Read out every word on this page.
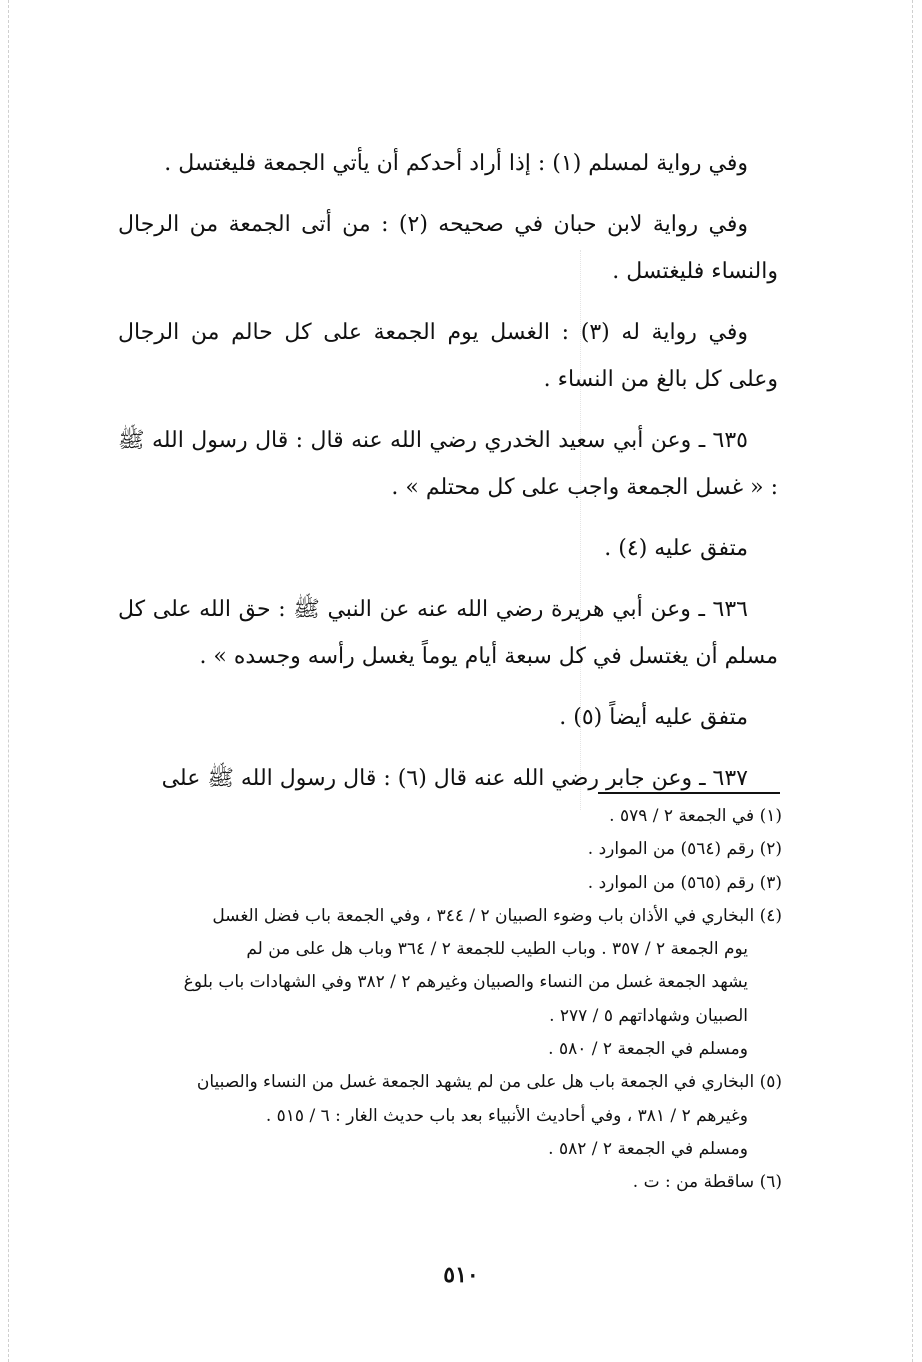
وفي رواية لمسلم (١) : إذا أراد أحدكم أن يأتي الجمعة فليغتسل .

وفي رواية لابن حبان في صحيحه (٢) : من أتى الجمعة من الرجال والنساء فليغتسل .

وفي رواية له (٣) : الغسل يوم الجمعة على كل حالم من الرجال وعلى كل بالغ من النساء .

٦٣٥ ـ وعن أبي سعيد الخدري رضي الله عنه قال : قال رسول الله ﷺ : « غسل الجمعة واجب على كل محتلم » .

متفق عليه (٤) .

٦٣٦ ـ وعن أبي هريرة رضي الله عنه عن النبي ﷺ : حق الله على كل مسلم أن يغتسل في كل سبعة أيام يوماً يغسل رأسه وجسده » .

متفق عليه أيضاً (٥) .

٦٣٧ ـ وعن جابر رضي الله عنه قال (٦) : قال رسول الله ﷺ على

(١) في الجمعة ٢ / ٥٧٩ .

(٢) رقم (٥٦٤) من الموارد .

(٣) رقم (٥٦٥) من الموارد .

(٤) البخاري في الأذان باب وضوء الصبيان ٢ / ٣٤٤ ، وفي الجمعة باب فضل الغسل
يوم الجمعة ٢ / ٣٥٧ . وباب الطيب للجمعة ٢ / ٣٦٤ وباب هل على من لم
يشهد الجمعة غسل من النساء والصبيان وغيرهم ٢ / ٣٨٢ وفي الشهادات باب بلوغ
الصبيان وشهاداتهم ٥ / ٢٧٧ .
ومسلم في الجمعة ٢ / ٥٨٠ .

(٥) البخاري في الجمعة باب هل على من لم يشهد الجمعة غسل من النساء والصبيان
وغيرهم ٢ / ٣٨١ ، وفي أحاديث الأنبياء بعد باب حديث الغار : ٦ / ٥١٥ .
ومسلم في الجمعة ٢ / ٥٨٢ .

(٦) ساقطة من : ت .

٥١٠
